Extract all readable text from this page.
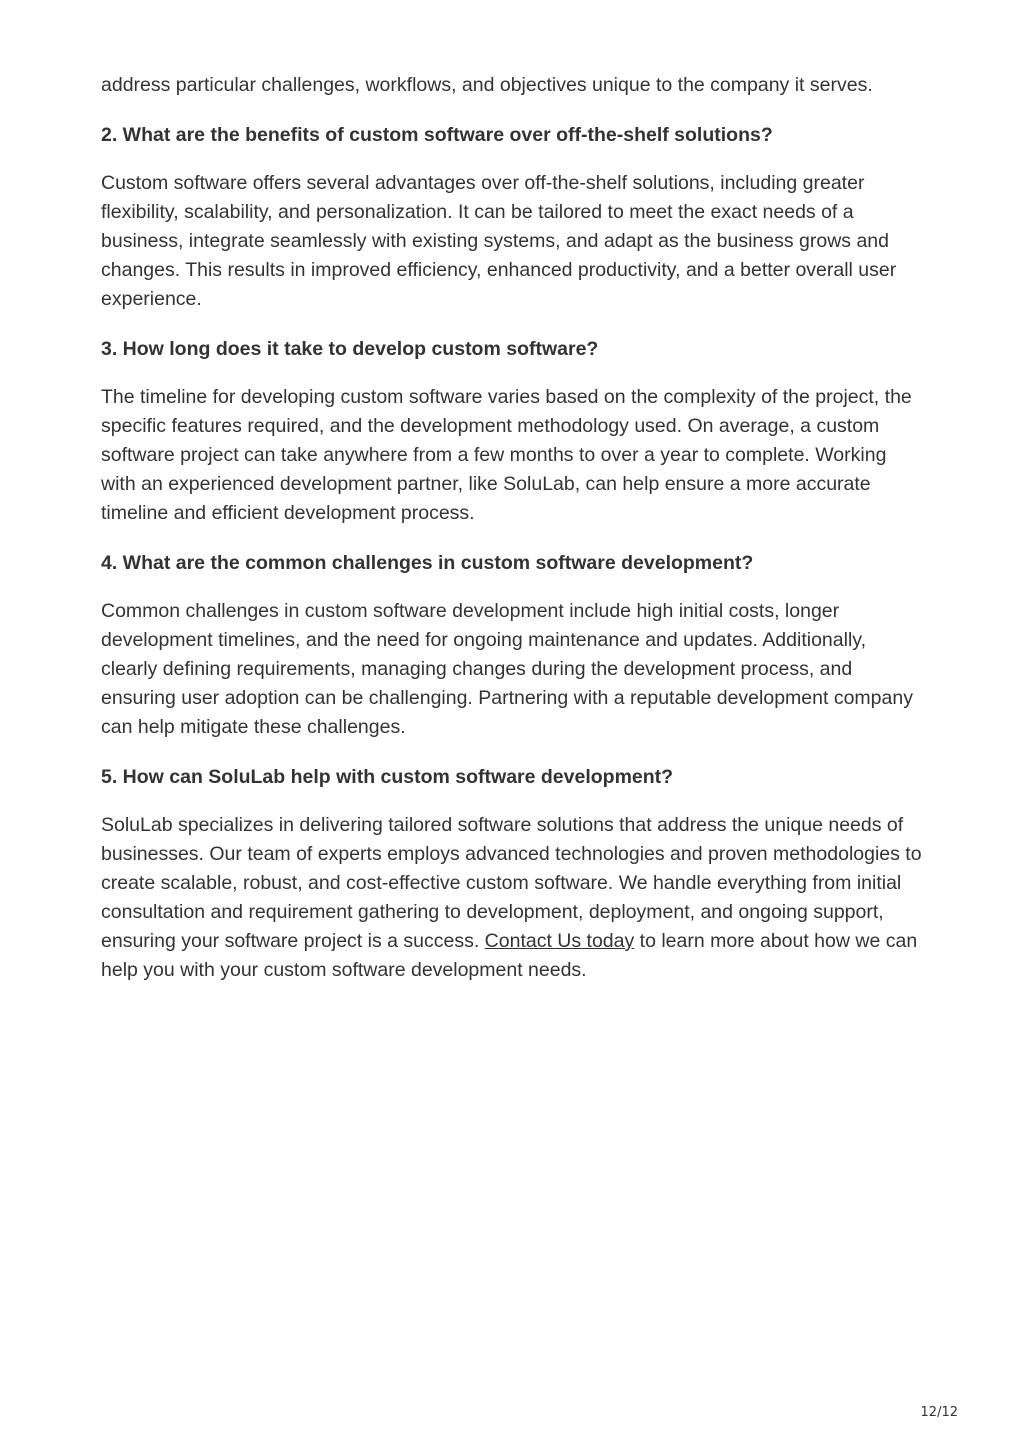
address particular challenges, workflows, and objectives unique to the company it serves.

2. What are the benefits of custom software over off-the-shelf solutions?

Custom software offers several advantages over off-the-shelf solutions, including greater flexibility, scalability, and personalization. It can be tailored to meet the exact needs of a business, integrate seamlessly with existing systems, and adapt as the business grows and changes. This results in improved efficiency, enhanced productivity, and a better overall user experience.

3. How long does it take to develop custom software?

The timeline for developing custom software varies based on the complexity of the project, the specific features required, and the development methodology used. On average, a custom software project can take anywhere from a few months to over a year to complete. Working with an experienced development partner, like SoluLab, can help ensure a more accurate timeline and efficient development process.

4. What are the common challenges in custom software development?

Common challenges in custom software development include high initial costs, longer development timelines, and the need for ongoing maintenance and updates. Additionally, clearly defining requirements, managing changes during the development process, and ensuring user adoption can be challenging. Partnering with a reputable development company can help mitigate these challenges.

5. How can SoluLab help with custom software development?

SoluLab specializes in delivering tailored software solutions that address the unique needs of businesses. Our team of experts employs advanced technologies and proven methodologies to create scalable, robust, and cost-effective custom software. We handle everything from initial consultation and requirement gathering to development, deployment, and ongoing support, ensuring your software project is a success. Contact Us today to learn more about how we can help you with your custom software development needs.

12/12
